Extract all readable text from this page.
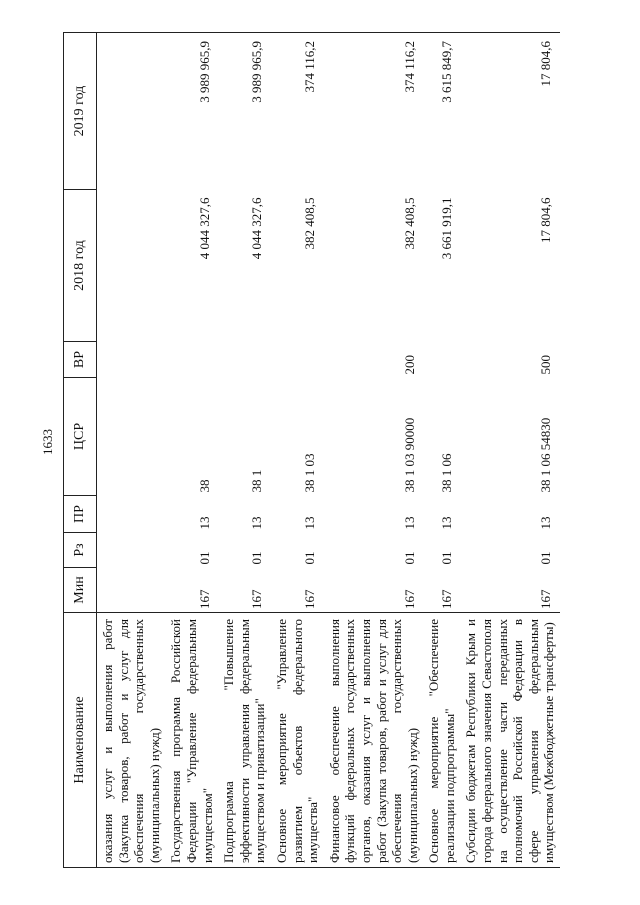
1633
Наименование	Мин	Рз	ПР	ЦСР	ВР	2018 год	2019 год
оказания услуг и выполнения работ (Закупка товаров, работ и услуг для обеспечения государственных (муниципальных) нужд)							
Государственная программа Российской Федерации "Управление федеральным имуществом"	167	01	13	38		4 044 327,6	3 989 965,9
Подпрограмма "Повышение эффективности управления федеральным имуществом и приватизации"	167	01	13	38 1		4 044 327,6	3 989 965,9
Основное мероприятие "Управление развитием объектов федерального имущества"	167	01	13	38 1 03		382 408,5	374 116,2
Финансовое обеспечение выполнения функций федеральных государственных органов, оказания услуг и выполнения работ (Закупка товаров, работ и услуг для обеспечения государственных (муниципальных) нужд)	167	01	13	38 1 03 90000	200	382 408,5	374 116,2
Основное мероприятие "Обеспечение реализации подпрограммы"	167	01	13	38 1 06		3 661 919,1	3 615 849,7
Субсидии бюджетам Республики Крым и города федерального значения Севастополя на осуществление части переданных полномочий Российской Федерации в сфере управления федеральным имуществом (Межбюджетные трансферты)	167	01	13	38 1 06 54830	500	17 804,6	17 804,6
